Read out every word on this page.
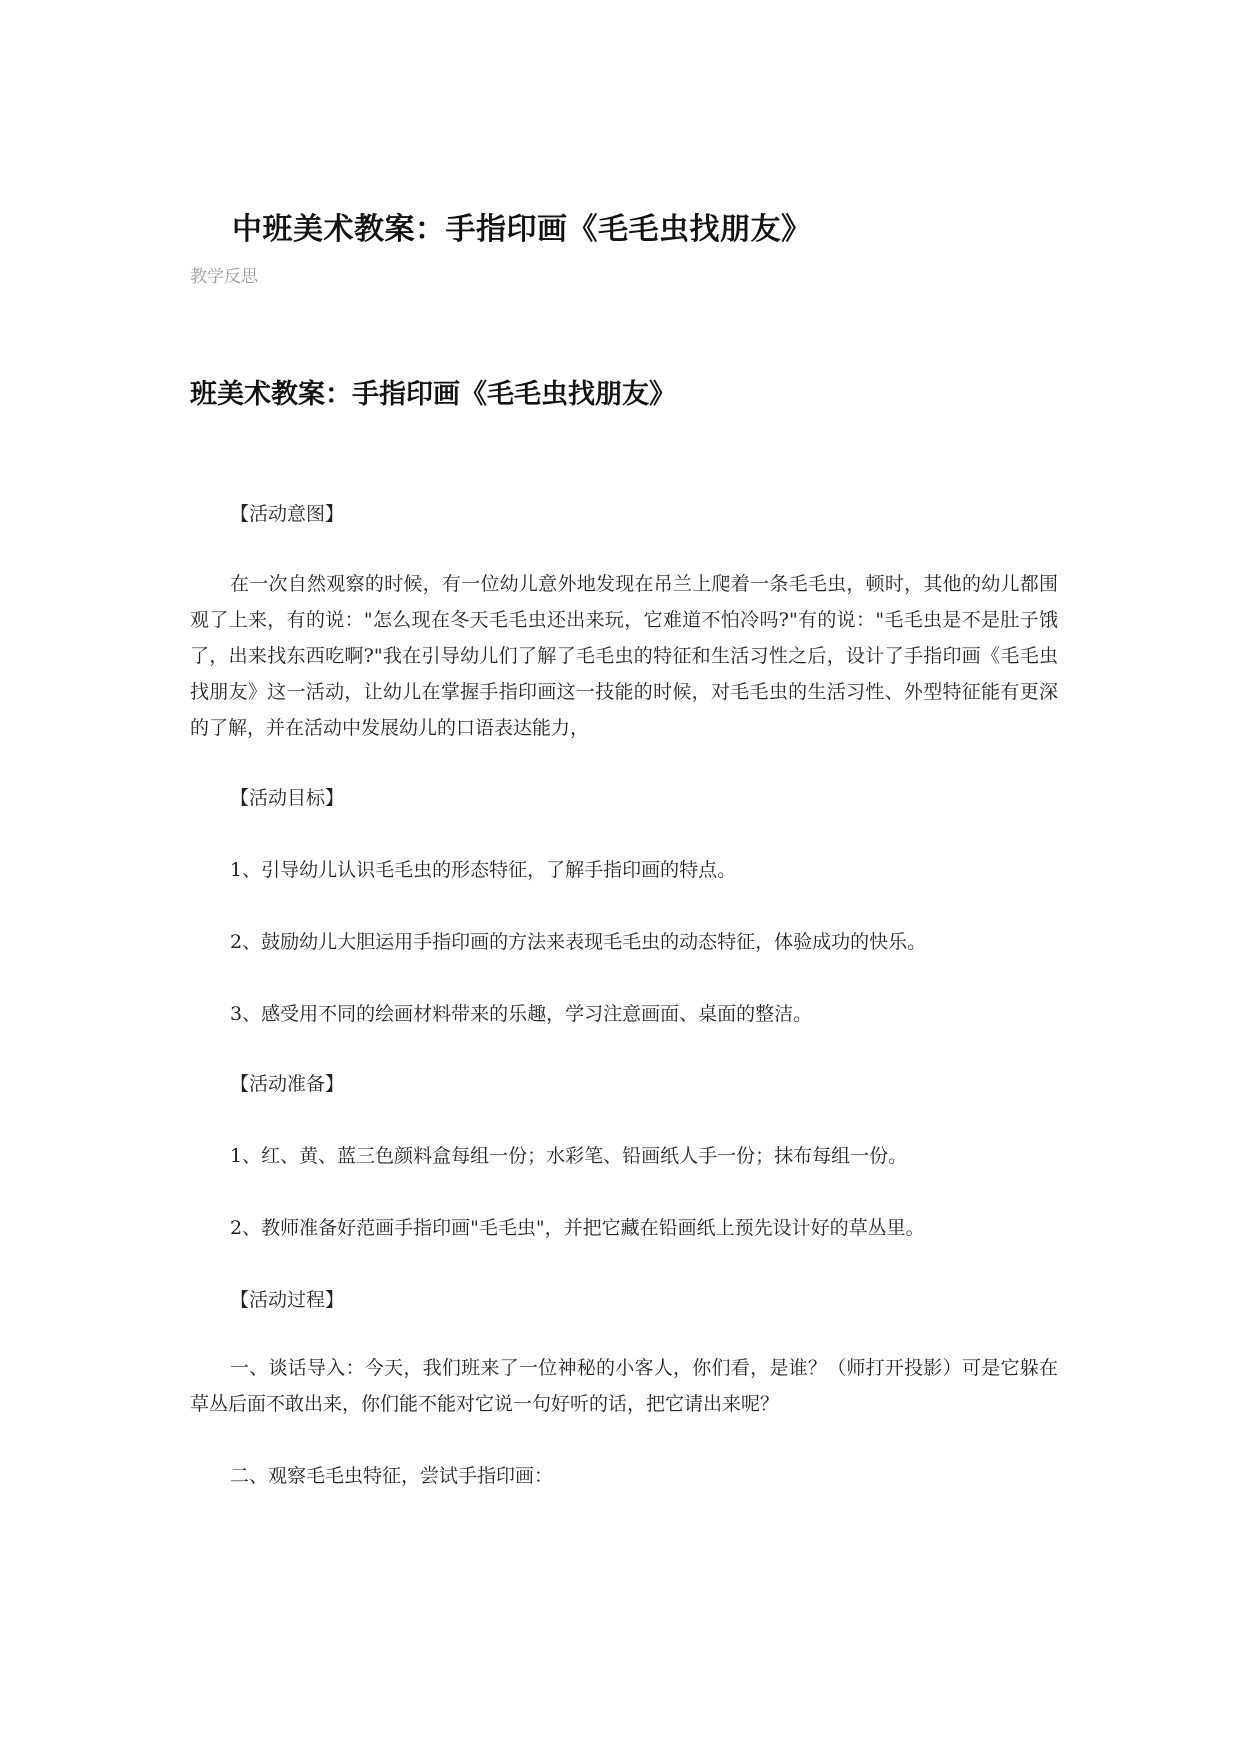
中班美术教案：手指印画《毛毛虫找朋友》
教学反思
班美术教案：手指印画《毛毛虫找朋友》

【活动意图】

在一次自然观察的时候，有一位幼儿意外地发现在吊兰上爬着一条毛毛虫，顿时，其他的幼儿都围观了上来，有的说："怎么现在冬天毛毛虫还出来玩，它难道不怕冷吗?"有的说："毛毛虫是不是肚子饿了，出来找东西吃啊?"我在引导幼儿们了解了毛毛虫的特征和生活习性之后，设计了手指印画《毛毛虫找朋友》这一活动，让幼儿在掌握手指印画这一技能的时候，对毛毛虫的生活习性、外型特征能有更深的了解，并在活动中发展幼儿的口语表达能力，

【活动目标】

1、引导幼儿认识毛毛虫的形态特征，了解手指印画的特点。

2、鼓励幼儿大胆运用手指印画的方法来表现毛毛虫的动态特征，体验成功的快乐。

3、感受用不同的绘画材料带来的乐趣，学习注意画面、桌面的整洁。

【活动准备】

1、红、黄、蓝三色颜料盒每组一份；水彩笔、铅画纸人手一份；抹布每组一份。

2、教师准备好范画手指印画"毛毛虫"，并把它藏在铅画纸上预先设计好的草丛里。

【活动过程】

一、谈话导入：今天，我们班来了一位神秘的小客人，你们看，是谁？（师打开投影）可是它躲在草丛后面不敢出来，你们能不能对它说一句好听的话，把它请出来呢？

二、观察毛毛虫特征，尝试手指印画：
